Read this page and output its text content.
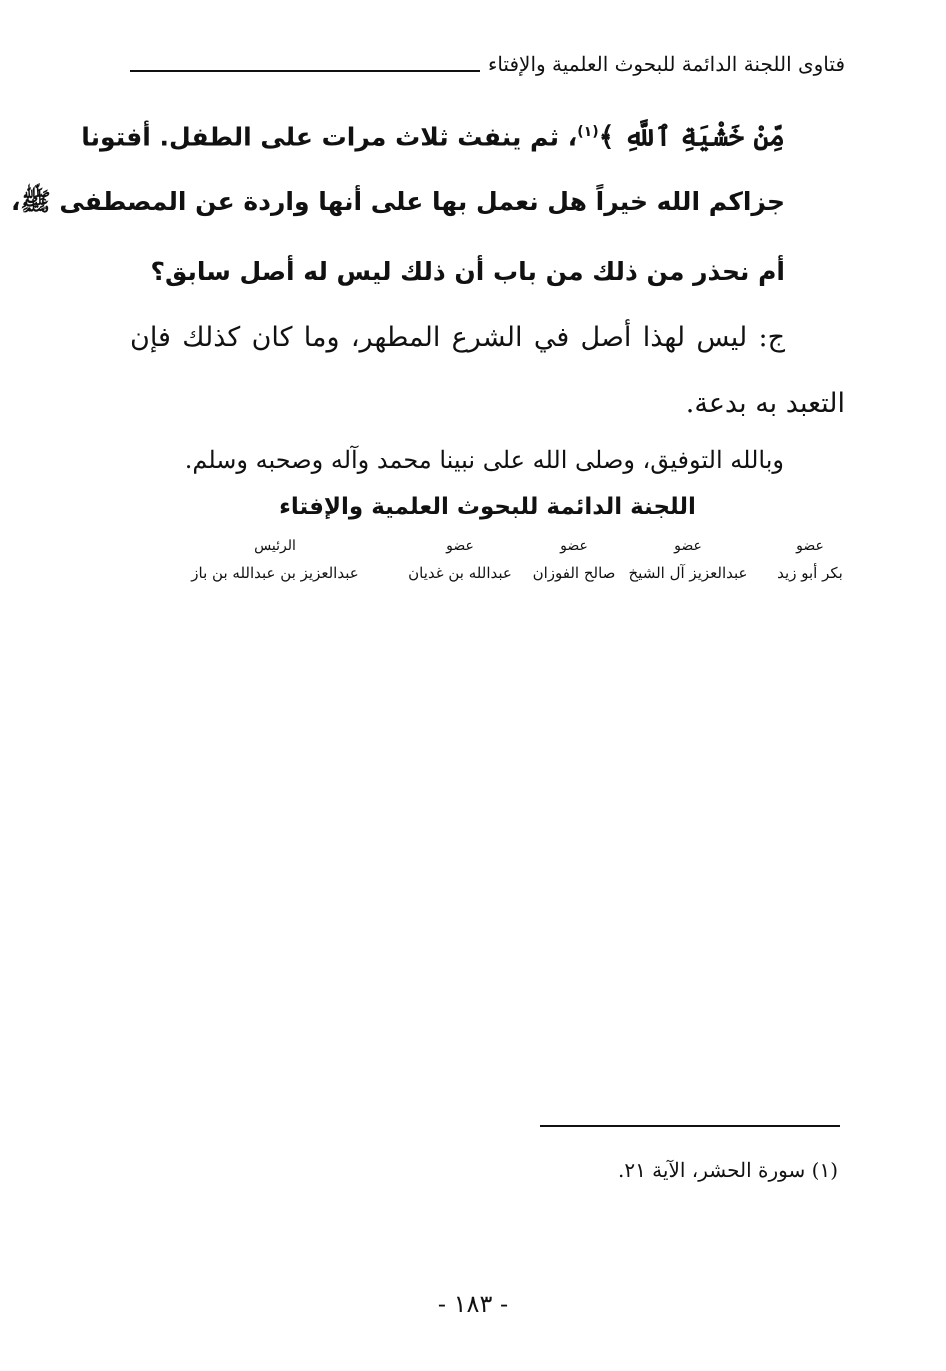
فتاوى اللجنة الدائمة للبحوث العلمية والإفتاء
مِّنْ خَشْيَةِ ٱللَّهِ ﴾$^{(١)}$، ثم ينفث ثلاث مرات على الطفل. أفتونا
جزاكم الله خيراً هل نعمل بها على أنها واردة عن المصطفى ﷺ،
أم نحذر من ذلك من باب أن ذلك ليس له أصل سابق؟
ج: ليس لهذا أصل في الشرع المطهر، وما كان كذلك فإن
التعبد به بدعة.
وبالله التوفيق، وصلى الله على نبينا محمد وآله وصحبه وسلم.
اللجنة الدائمة للبحوث العلمية والإفتاء
عضو
بكر أبو زيد
عضو
عبدالعزيز آل الشيخ
عضو
صالح الفوزان
عضو
عبدالله بن غديان
الرئيس
عبدالعزيز بن عبدالله بن باز
(١) سورة الحشر، الآية ٢١.
- ١٨٣ -
